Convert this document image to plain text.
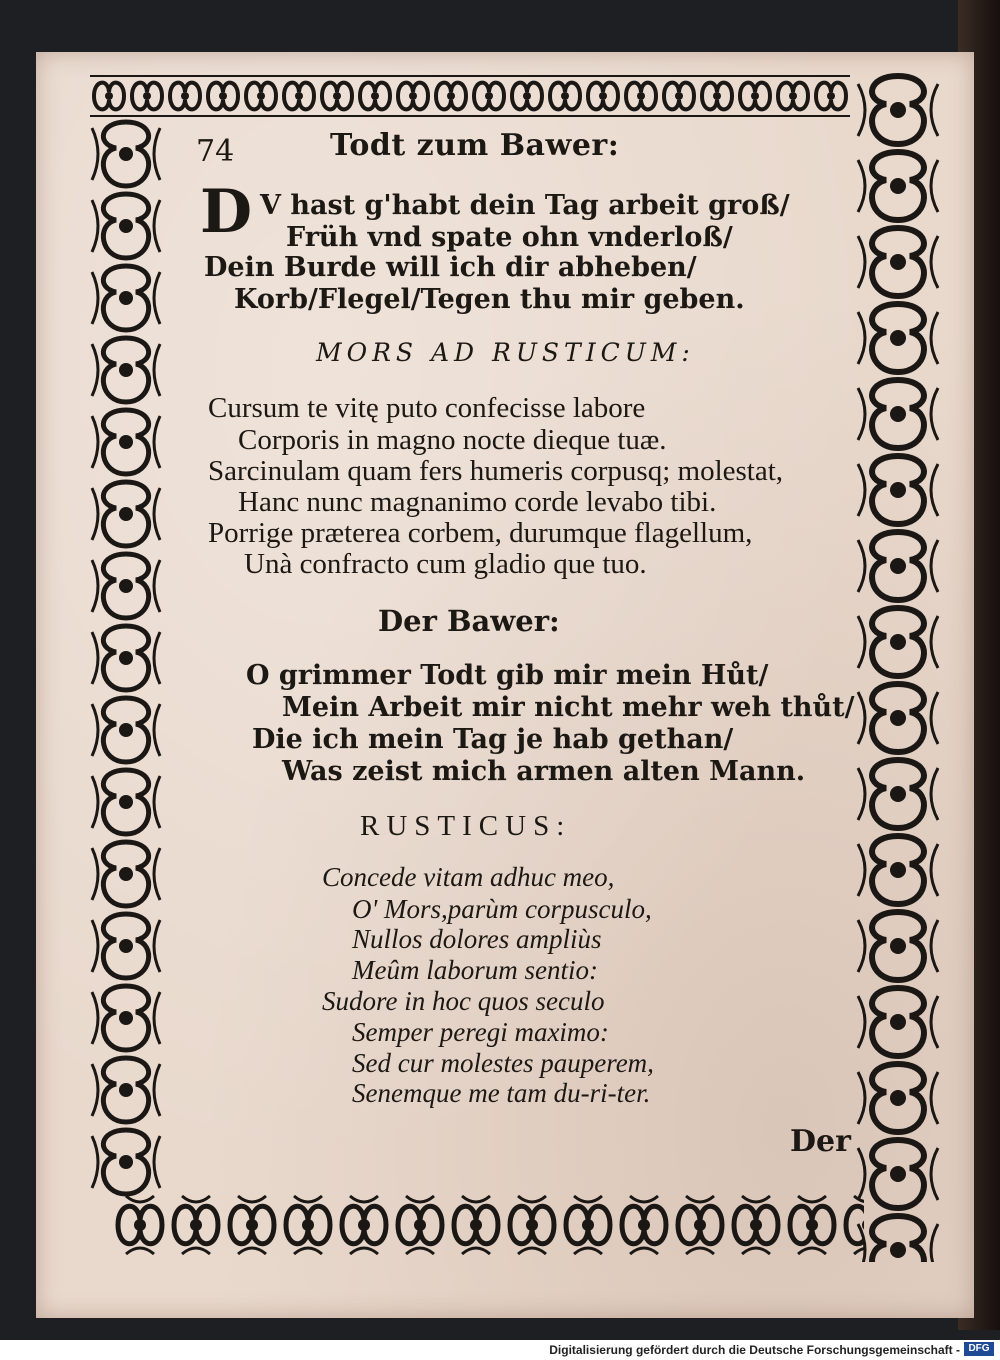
74	Todt zum Bawer:
D V hast g'habt dein Tag arbeit groß/
Früh vnd spate ohn vnderloß/
Dein Burde will ich dir abheben/
Korb/Flegel/Tegen thu mir geben.
MORS AD RUSTICUM:
Cursum te vitę puto confecisse labore
Corporis in magno nocte dieque tuæ.
Sarcinulam quam fers humeris corpusq; molestat,
Hanc nunc magnanimo corde levabo tibi.
Porrige præterea corbem, durumque flagellum,
Unà confracto cum gladio que tuo.
Der Bawer:
O grimmer Todt gib mir mein Hůt/
Mein Arbeit mir nicht mehr weh thůt/
Die ich mein Tag je hab gethan/
Was zeist mich armen alten Mann.
RUSTICUS:
Concede vitam adhuc meo,
O' Mors,parùm corpusculo,
Nullos dolores ampliùs
Meûm laborum sentio:
Sudore in hoc quos seculo
Semper peregi maximo:
Sed cur molestes pauperem,
Senemque me tam du-ri-ter.
Der
Digitalisierung gefördert durch die Deutsche Forschungsgemeinschaft - DFG
